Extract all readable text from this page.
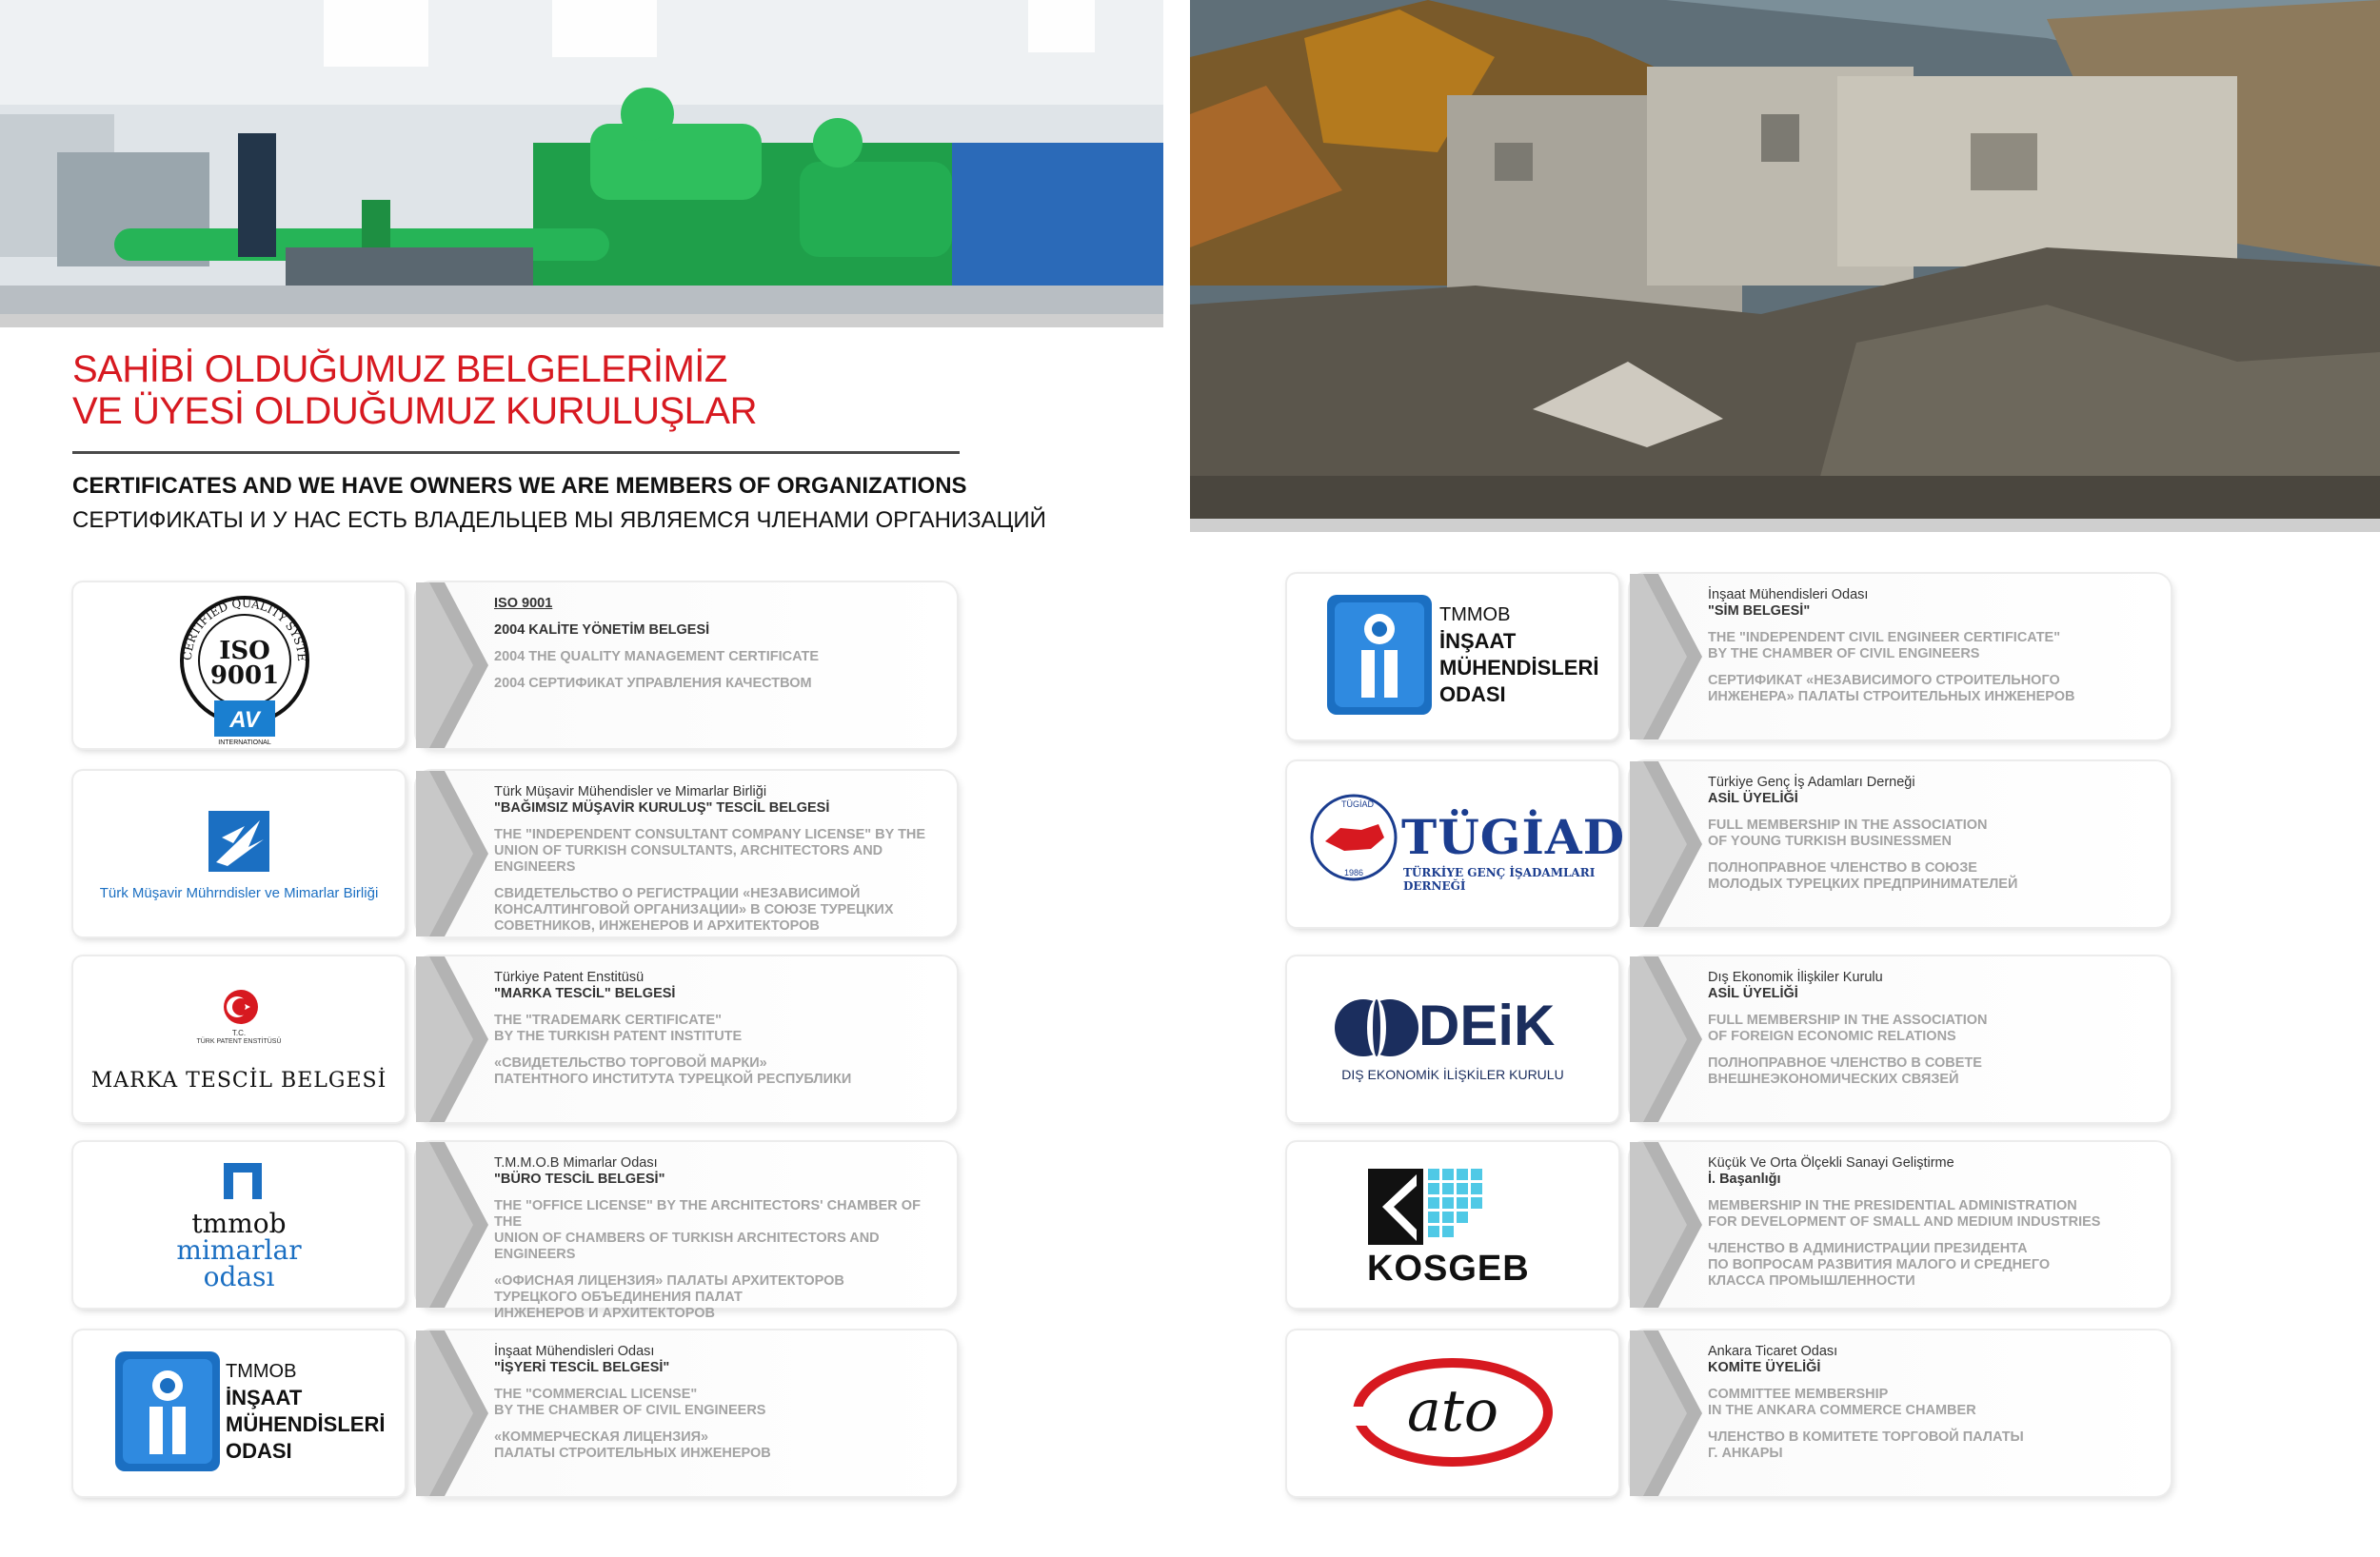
SAHİBİ OLDUĞUMUZ BELGELERİMİZ
VE ÜYESİ OLDUĞUMUZ KURULUŞLAR
CERTIFICATES AND WE HAVE OWNERS WE ARE MEMBERS OF ORGANIZATIONS
СЕРТИФИКАТЫ И У НАС ЕСТЬ ВЛАДЕЛЬЦЕВ МЫ ЯВЛЯЕМСЯ ЧЛЕНАМИ ОРГАНИЗАЦИЙ
CERTIFIED QUALITY SYSTE
ISO
9001
AV
INTERNATIONAL
ISO 9001
2004 KALİTE YÖNETİM BELGESİ
2004 THE QUALITY MANAGEMENT CERTIFICATE
2004 СЕРТИФИКАТ УПРАВЛЕНИЯ КАЧЕСТВОМ
Türk Müşavir Mührndisler ve Mimarlar Birliği
Türk Müşavir Mühendisler ve Mimarlar Birliği
"BAĞIMSIZ MÜŞAVİR KURULUŞ" TESCİL BELGESİ
THE "INDEPENDENT CONSULTANT COMPANY LICENSE" BY THE
UNION OF TURKISH CONSULTANTS, ARCHITECTORS AND ENGINEERS
СВИДЕТЕЛЬСТВО О РЕГИСТРАЦИИ «НЕЗАВИСИМОЙ
КОНСАЛТИНГОВОЙ ОРГАНИЗАЦИИ» В СОЮЗЕ ТУРЕЦКИХ
СОВЕТНИКОВ, ИНЖЕНЕРОВ И АРХИТЕКТОРОВ
T.C.
TÜRK PATENT ENSTİTÜSÜ
MARKA TESCİL BELGESİ
Türkiye Patent Enstitüsü
"MARKA TESCİL" BELGESİ
THE "TRADEMARK CERTIFICATE"
BY THE TURKISH PATENT INSTITUTE
«СВИДЕТЕЛЬСТВО ТОРГОВОЙ МАРКИ»
ПАТЕНТНОГО ИНСТИТУТА ТУРЕЦКОЙ РЕСПУБЛИКИ
tmmob
mimarlar
odası
T.M.M.O.B Mimarlar Odası
"BÜRO TESCİL BELGESİ"
THE "OFFICE LICENSE" BY THE ARCHITECTORS' CHAMBER OF THE
UNION OF CHAMBERS OF TURKISH ARCHITECTORS AND ENGINEERS
«ОФИСНАЯ ЛИЦЕНЗИЯ» ПАЛАТЫ АРХИТЕКТОРОВ
ТУРЕЦКОГО ОБЪЕДИНЕНИЯ ПАЛАТ
ИНЖЕНЕРОВ И АРХИТЕКТОРОВ
TMMOB
İNŞAAT
MÜHENDİSLERİ
ODASI
İnşaat Mühendisleri Odası
"İŞYERİ TESCİL BELGESİ"
THE "COMMERCIAL LICENSE"
BY THE CHAMBER OF CIVIL ENGINEERS
«КОММЕРЧЕСКАЯ ЛИЦЕНЗИЯ»
ПАЛАТЫ СТРОИТЕЛЬНЫХ ИНЖЕНЕРОВ
TMMOB
İNŞAAT
MÜHENDİSLERİ
ODASI
İnşaat Mühendisleri Odası
"SİM BELGESİ"
THE "INDEPENDENT CIVIL ENGINEER CERTIFICATE"
BY THE CHAMBER OF CIVIL ENGINEERS
СЕРТИФИКАТ «НЕЗАВИСИМОГО СТРОИТЕЛЬНОГО
ИНЖЕНЕРА» ПАЛАТЫ СТРОИТЕЛЬНЫХ ИНЖЕНЕРОВ
TÜGİAD
1986
TÜGİAD
TÜRKİYE GENÇ İŞADAMLARI DERNEĞİ
Türkiye Genç İş Adamları Derneği
ASİL ÜYELİĞİ
FULL MEMBERSHIP IN THE ASSOCIATION
OF YOUNG TURKISH BUSINESSMEN
ПОЛНОПРАВНОЕ ЧЛЕНСТВО В СОЮЗЕ
МОЛОДЫХ ТУРЕЦКИХ ПРЕДПРИНИМАТЕЛЕЙ
DEiK
DIŞ EKONOMİK İLİŞKİLER KURULU
Dış Ekonomik İlişkiler Kurulu
ASİL ÜYELİĞİ
FULL MEMBERSHIP IN THE ASSOCIATION
OF FOREIGN ECONOMIC RELATIONS
ПОЛНОПРАВНОЕ ЧЛЕНСТВО В СОВЕТЕ
ВНЕШНЕЭКОНОМИЧЕСКИХ СВЯЗЕЙ
KOSGEB
Küçük Ve Orta Ölçekli Sanayi Geliştirme
İ. Başanlığı
MEMBERSHIP IN THE PRESIDENTIAL ADMINISTRATION
FOR DEVELOPMENT OF SMALL AND MEDIUM INDUSTRIES
ЧЛЕНСТВО В АДМИНИСТРАЦИИ ПРЕЗИДЕНТА
ПО ВОПРОСАМ РАЗВИТИЯ МАЛОГО И СРЕДНЕГО
КЛАССА ПРОМЫШЛЕННОСТИ
ato
Ankara Ticaret Odası
KOMİTE ÜYELİĞİ
COMMITTEE MEMBERSHIP
IN THE ANKARA COMMERCE CHAMBER
ЧЛЕНСТВО В КОМИТЕТЕ ТОРГОВОЙ ПАЛАТЫ
Г. АНКАРЫ
